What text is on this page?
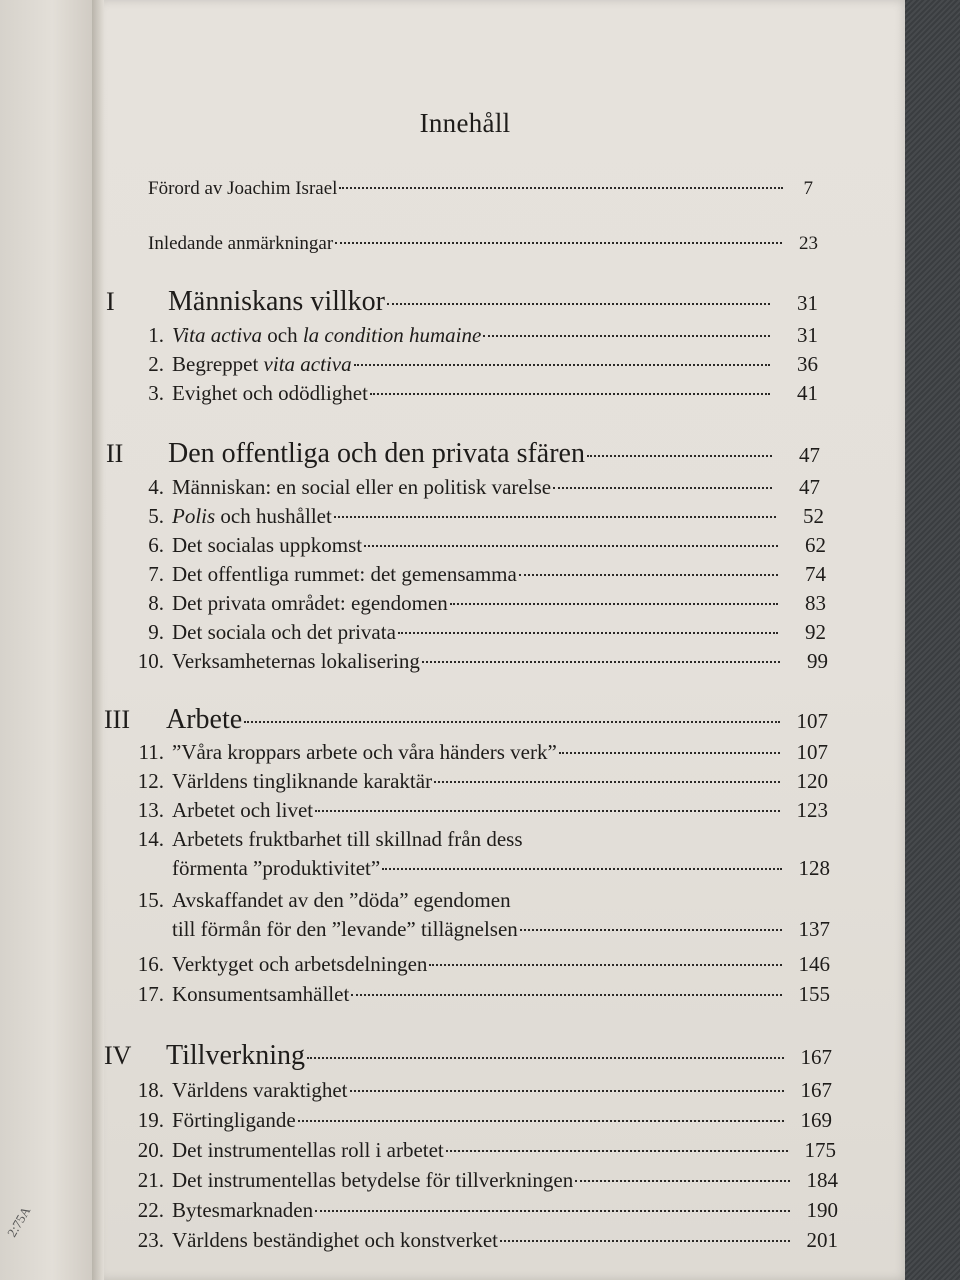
2:75A
Innehåll
Förord av Joachim Israel	7
Inledande anmärkningar	23
I	Människans villkor	31
1. Vita activa och la condition humaine	31
2. Begreppet vita activa	36
3. Evighet och odödlighet	41
II	Den offentliga och den privata sfären	47
4. Människan: en social eller en politisk varelse	47
5. Polis och hushållet	52
6. Det socialas uppkomst	62
7. Det offentliga rummet: det gemensamma	74
8. Det privata området: egendomen	83
9. Det sociala och det privata	92
10. Verksamheternas lokalisering	99
III	Arbete	107
11. ”Våra kroppars arbete och våra händers verk”	107
12. Världens tingliknande karaktär	120
13. Arbetet och livet	123
14. Arbetets fruktbarhet till skillnad från dess
förmenta ”produktivitet”	128
15. Avskaffandet av den ”döda” egendomen
till förmån för den ”levande” tillägnelsen	137
16. Verktyget och arbetsdelningen	146
17. Konsumentsamhället	155
IV	Tillverkning	167
18. Världens varaktighet	167
19. Förtingligande	169
20. Det instrumentellas roll i arbetet	175
21. Det instrumentellas betydelse för tillverkningen	184
22. Bytesmarknaden	190
23. Världens beständighet och konstverket	201
